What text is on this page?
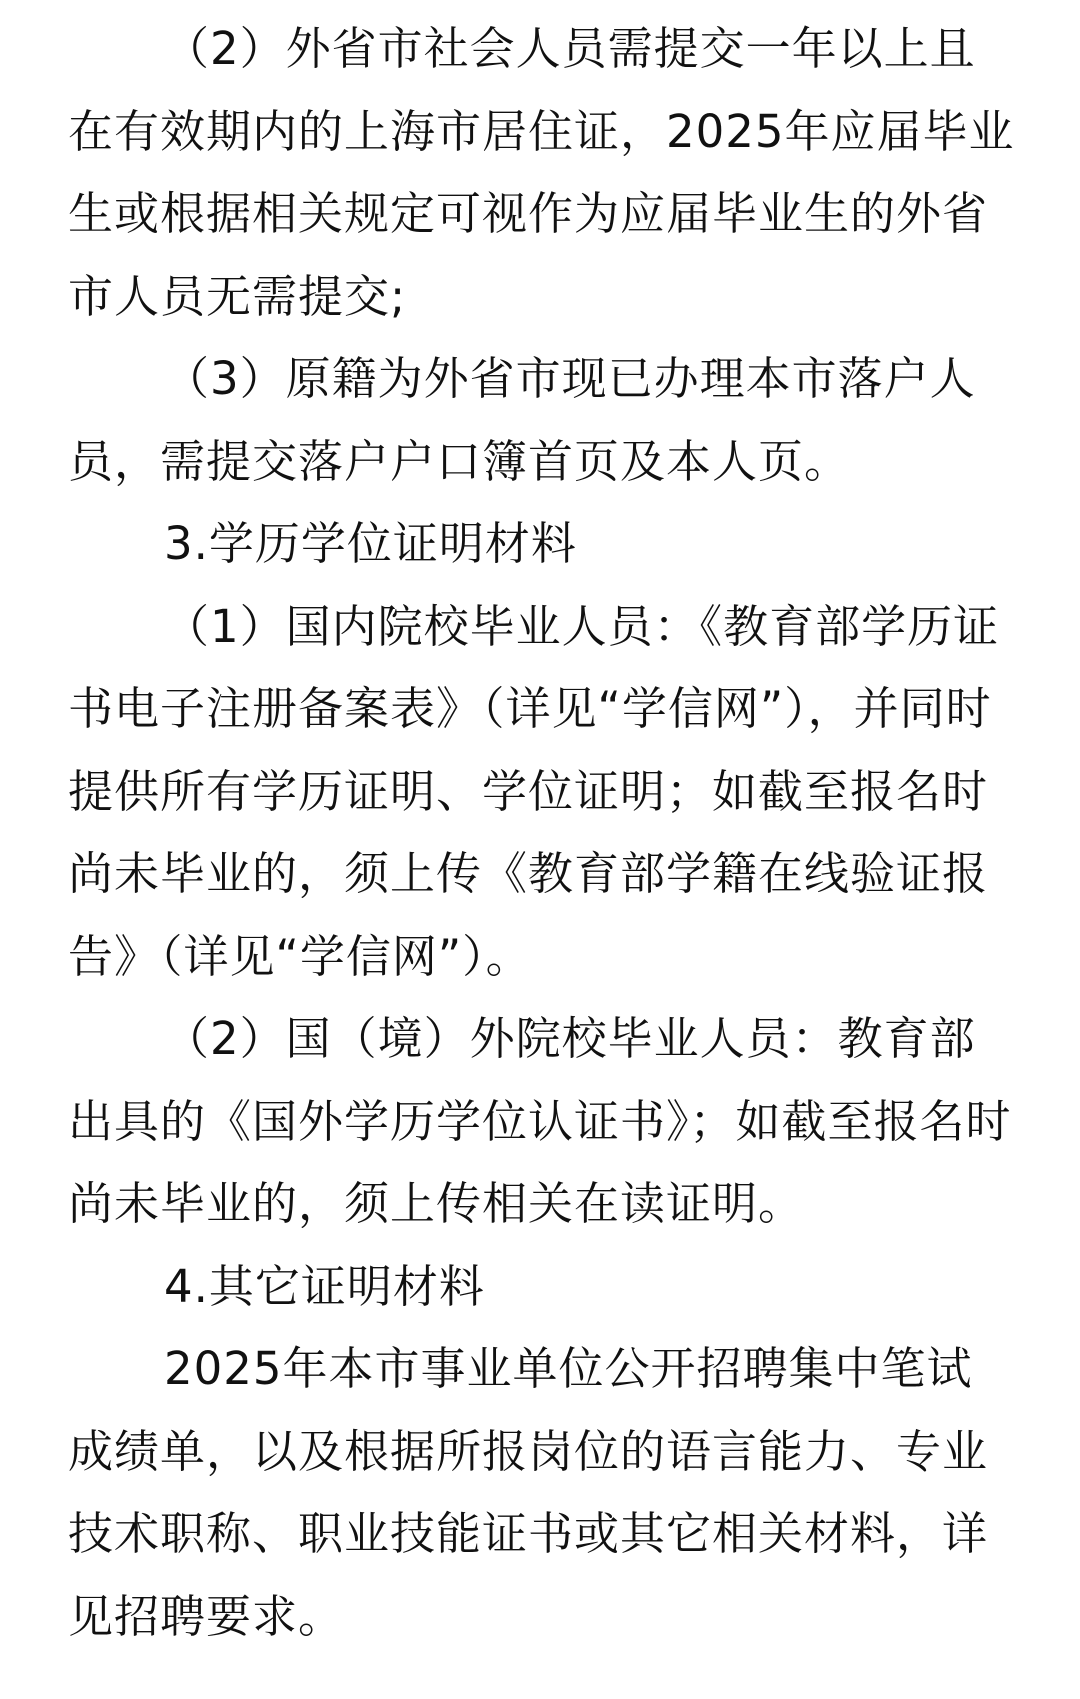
（2）外省市社会人员需提交一年以上且在有效期内的上海市居住证，2025年应届毕业生或根据相关规定可视作为应届毕业生的外省市人员无需提交;

（3）原籍为外省市现已办理本市落户人员，需提交落户户口簿首页及本人页。

3.学历学位证明材料

（1）国内院校毕业人员：《教育部学历证书电子注册备案表》（详见“学信网”），并同时提供所有学历证明、学位证明；如截至报名时尚未毕业的，须上传《教育部学籍在线验证报告》（详见“学信网”）。

（2）国（境）外院校毕业人员：教育部出具的《国外学历学位认证书》；如截至报名时尚未毕业的，须上传相关在读证明。

4.其它证明材料

2025年本市事业单位公开招聘集中笔试成绩单，以及根据所报岗位的语言能力、专业技术职称、职业技能证书或其它相关材料，详见招聘要求。
